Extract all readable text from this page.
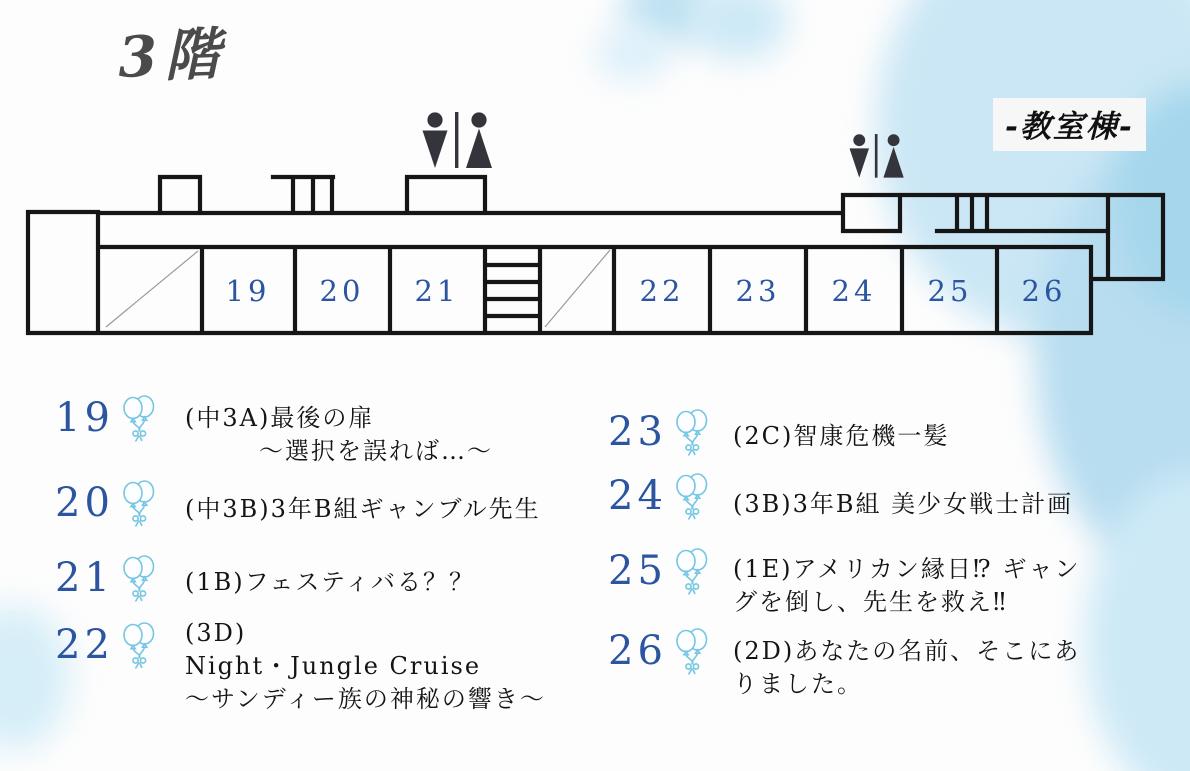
3階
-教室棟-
19 20 21	22 23 24 25 26
19	(中3A)最後の扉
～選択を誤れば…～
20	(中3B)3年B組ギャンブル先生
21	(1B)フェスティバる？？
22	(3D)
Night・Jungle Cruise
～サンディー族の神秘の響き～
23	(2C)智康危機一髪
24	(3B)3年B組 美少女戦士計画
25	(1E)アメリカン縁日⁉ ギャン
グを倒し、先生を救え‼
26	(2D)あなたの名前、そこにあ
りました。
